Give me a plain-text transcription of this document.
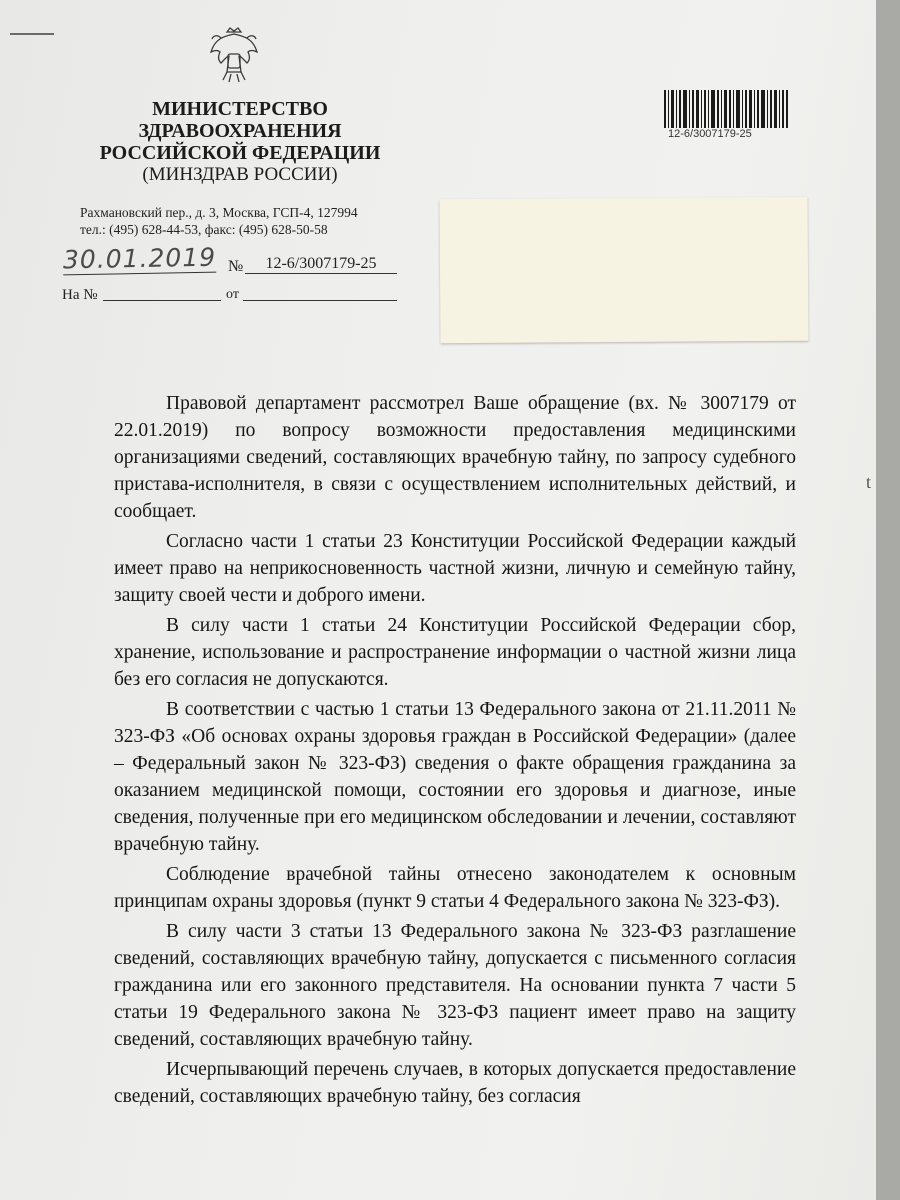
МИНИСТЕРСТВО
ЗДРАВООХРАНЕНИЯ
РОССИЙСКОЙ ФЕДЕРАЦИИ
(МИНЗДРАВ РОССИИ)
Рахмановский пер., д. 3, Москва, ГСП-4, 127994
тел.: (495) 628-44-53, факс: (495) 628-50-58
30.01.2019 №	12-6/3007179-25
На №	от
12-6/3007179-25

Правовой департамент рассмотрел Ваше обращение (вх. № 3007179 от 22.01.2019) по вопросу возможности предоставления медицинскими организациями сведений, составляющих врачебную тайну, по запросу судебного пристава-исполнителя, в связи с осуществлением исполнительных действий, и сообщает.

Согласно части 1 статьи 23 Конституции Российской Федерации каждый имеет право на неприкосновенность частной жизни, личную и семейную тайну, защиту своей чести и доброго имени.

В силу части 1 статьи 24 Конституции Российской Федерации сбор, хранение, использование и распространение информации о частной жизни лица без его согласия не допускаются.

В соответствии с частью 1 статьи 13 Федерального закона от 21.11.2011 № 323-ФЗ «Об основах охраны здоровья граждан в Российской Федерации» (далее – Федеральный закон № 323-ФЗ) сведения о факте обращения гражданина за оказанием медицинской помощи, состоянии его здоровья и диагнозе, иные сведения, полученные при его медицинском обследовании и лечении, составляют врачебную тайну.

Соблюдение врачебной тайны отнесено законодателем к основным принципам охраны здоровья (пункт 9 статьи 4 Федерального закона № 323-ФЗ).

В силу части 3 статьи 13 Федерального закона № 323-ФЗ разглашение сведений, составляющих врачебную тайну, допускается с письменного согласия гражданина или его законного представителя. На основании пункта 7 части 5 статьи 19 Федерального закона № 323-ФЗ пациент имеет право на защиту сведений, составляющих врачебную тайну.

Исчерпывающий перечень случаев, в которых допускается предоставление сведений, составляющих врачебную тайну, без согласия

t
